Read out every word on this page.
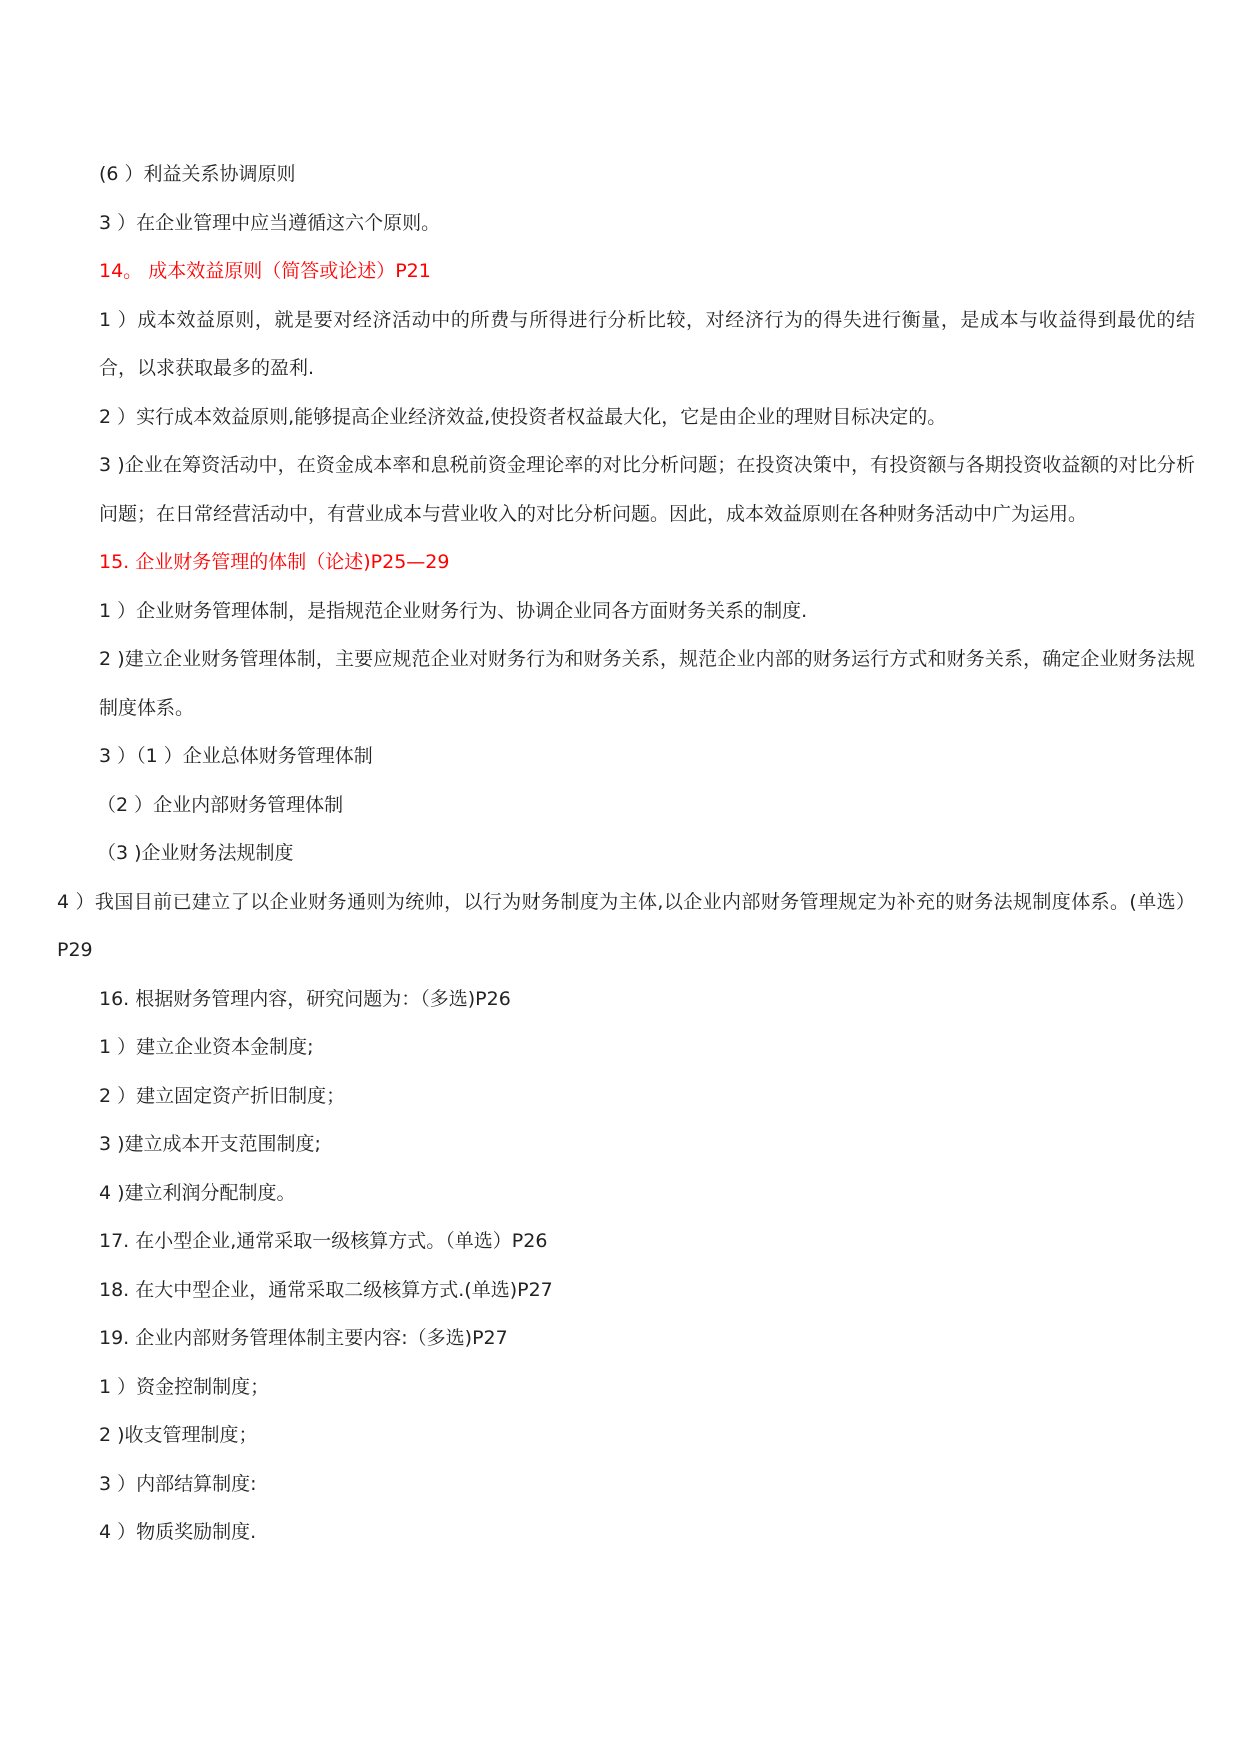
(6 ）利益关系协调原则

3 ）在企业管理中应当遵循这六个原则。

14。 成本效益原则（简答或论述）P21

1 ）成本效益原则，就是要对经济活动中的所费与所得进行分析比较，对经济行为的得失进行衡量，是成本与收益得到最优的结合，以求获取最多的盈利.

2 ）实行成本效益原则,能够提高企业经济效益,使投资者权益最大化，它是由企业的理财目标决定的。

3 )企业在筹资活动中，在资金成本率和息税前资金理论率的对比分析问题；在投资决策中，有投资额与各期投资收益额的对比分析问题；在日常经营活动中，有营业成本与营业收入的对比分析问题。因此，成本效益原则在各种财务活动中广为运用。

15. 企业财务管理的体制（论述)P25—29

1 ）企业财务管理体制，是指规范企业财务行为、协调企业同各方面财务关系的制度.

2 )建立企业财务管理体制，主要应规范企业对财务行为和财务关系，规范企业内部的财务运行方式和财务关系，确定企业财务法规制度体系。

3 ）（1 ）企业总体财务管理体制

（2 ）企业内部财务管理体制

（3 )企业财务法规制度

4 ）我国目前已建立了以企业财务通则为统帅，以行为财务制度为主体,以企业内部财务管理规定为补充的财务法规制度体系。(单选）P29

16. 根据财务管理内容，研究问题为：（多选)P26

1 ）建立企业资本金制度;

2 ）建立固定资产折旧制度；

3 )建立成本开支范围制度;

4 )建立利润分配制度。

17. 在小型企业,通常采取一级核算方式。（单选）P26

18. 在大中型企业，通常采取二级核算方式.(单选)P27

19. 企业内部财务管理体制主要内容:（多选)P27

1 ）资金控制制度；

2 )收支管理制度；

3 ）内部结算制度:

4 ）物质奖励制度.
